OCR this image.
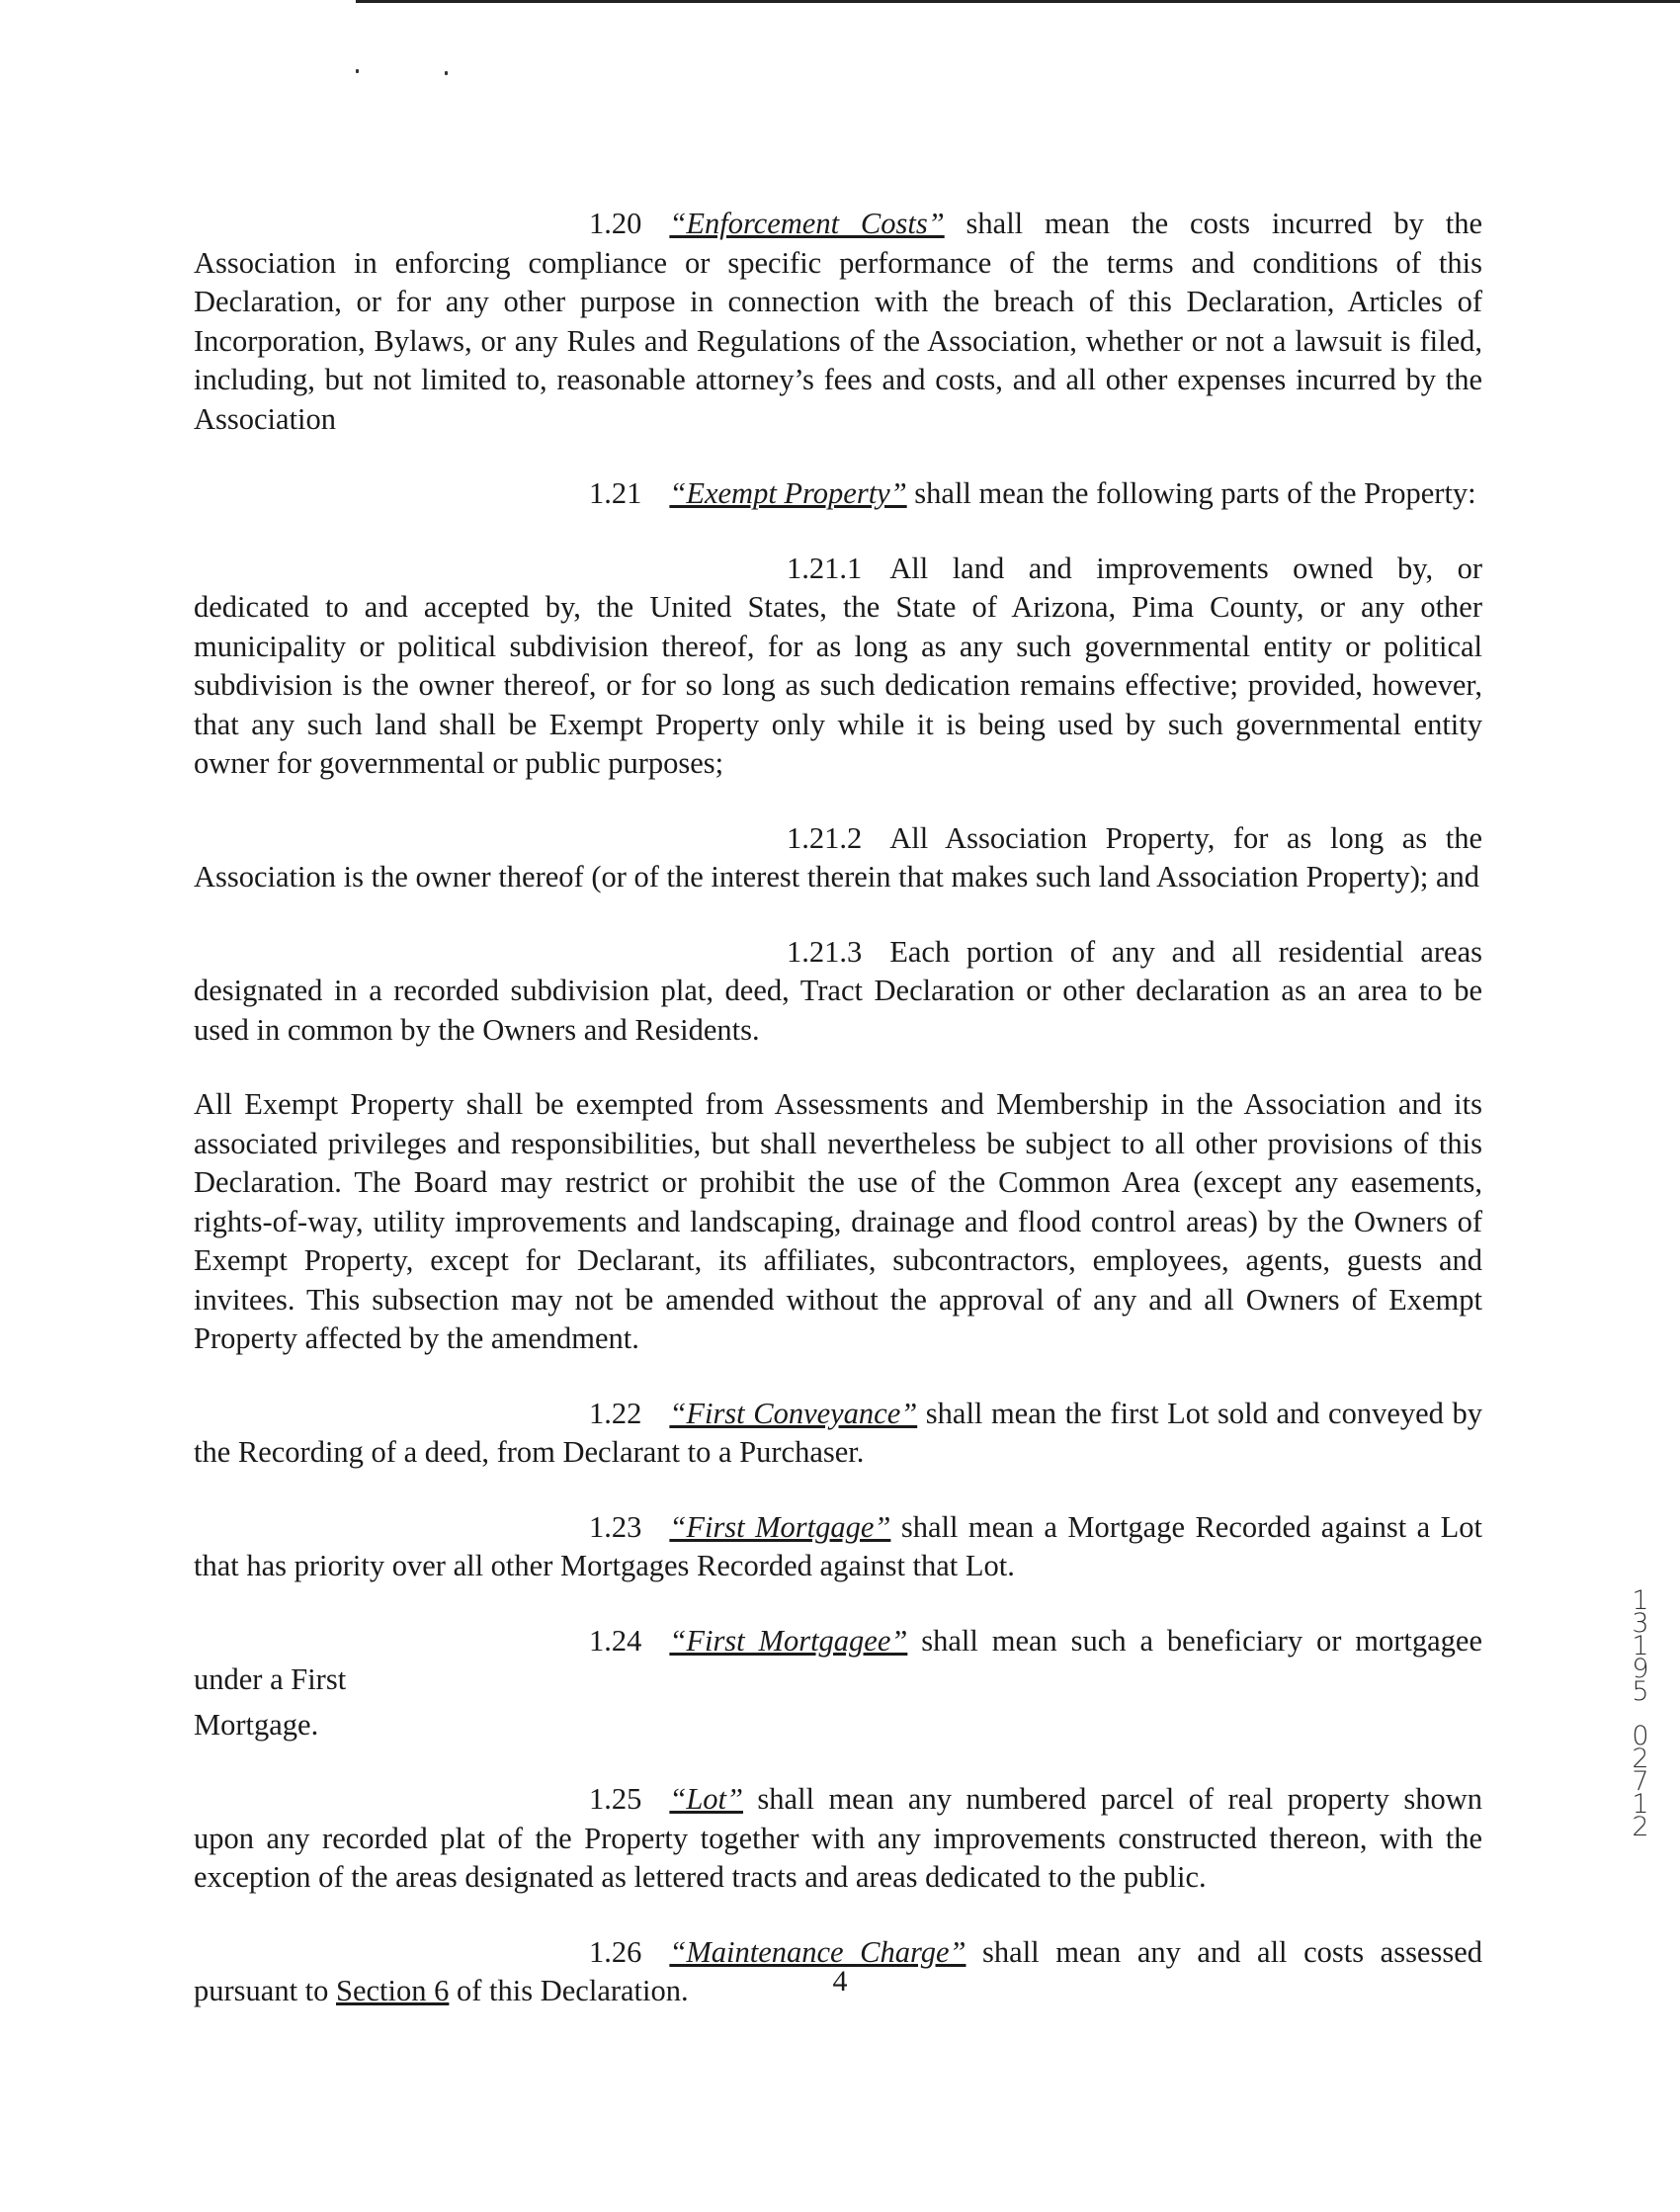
1.20 “Enforcement Costs” shall mean the costs incurred by the Association in enforcing compliance or specific performance of the terms and conditions of this Declaration, or for any other purpose in connection with the breach of this Declaration, Articles of Incorporation, Bylaws, or any Rules and Regulations of the Association, whether or not a lawsuit is filed, including, but not limited to, reasonable attorney’s fees and costs, and all other expenses incurred by the Association

1.21 “Exempt Property” shall mean the following parts of the Property:

1.21.1 All land and improvements owned by, or dedicated to and accepted by, the United States, the State of Arizona, Pima County, or any other municipality or political subdivision thereof, for as long as any such governmental entity or political subdivision is the owner thereof, or for so long as such dedication remains effective; provided, however, that any such land shall be Exempt Property only while it is being used by such governmental entity owner for governmental or public purposes;

1.21.2 All Association Property, for as long as the Association is the owner thereof (or of the interest therein that makes such land Association Property); and

1.21.3 Each portion of any and all residential areas designated in a recorded subdivision plat, deed, Tract Declaration or other declaration as an area to be used in common by the Owners and Residents.

All Exempt Property shall be exempted from Assessments and Membership in the Association and its associated privileges and responsibilities, but shall nevertheless be subject to all other provisions of this Declaration. The Board may restrict or prohibit the use of the Common Area (except any easements, rights-of-way, utility improvements and landscaping, drainage and flood control areas) by the Owners of Exempt Property, except for Declarant, its affiliates, subcontractors, employees, agents, guests and invitees. This subsection may not be amended without the approval of any and all Owners of Exempt Property affected by the amendment.

1.22 “First Conveyance” shall mean the first Lot sold and conveyed by the Recording of a deed, from Declarant to a Purchaser.

1.23 “First Mortgage” shall mean a Mortgage Recorded against a Lot that has priority over all other Mortgages Recorded against that Lot.

1.24 “First Mortgagee” shall mean such a beneficiary or mortgagee under a First

Mortgage.

1.25 “Lot” shall mean any numbered parcel of real property shown upon any recorded plat of the Property together with any improvements constructed thereon, with the exception of the areas designated as lettered tracts and areas dedicated to the public.

1.26 “Maintenance Charge” shall mean any and all costs assessed pursuant to Section 6 of this Declaration.	4
1
3
1
9
5
0
2
7
1
2
